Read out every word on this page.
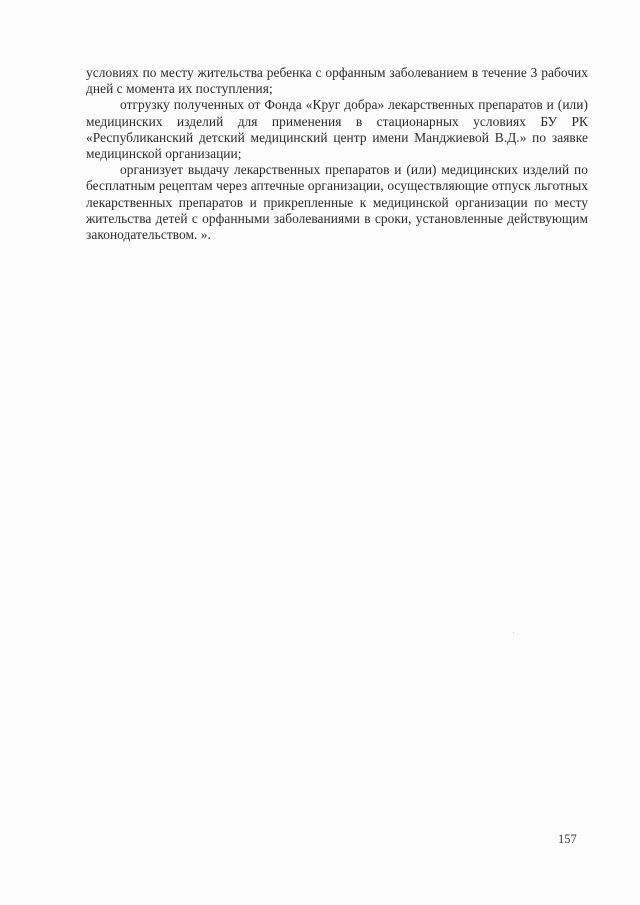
условиях по месту жительства ребенка с орфанным заболеванием в течение 3 рабочих дней с момента их поступления;

отгрузку полученных от Фонда «Круг добра» лекарственных препаратов и (или) медицинских изделий для применения в стационарных условиях БУ РК «Республиканский детский медицинский центр имени Манджиевой В.Д.» по заявке медицинской организации;

организует выдачу лекарственных препаратов и (или) медицинских изделий по бесплатным рецептам через аптечные организации, осуществляющие отпуск льготных лекарственных препаратов и прикрепленные к медицинской организации по месту жительства детей с орфанными заболеваниями в сроки, установленные действующим законодательством. ».

157
